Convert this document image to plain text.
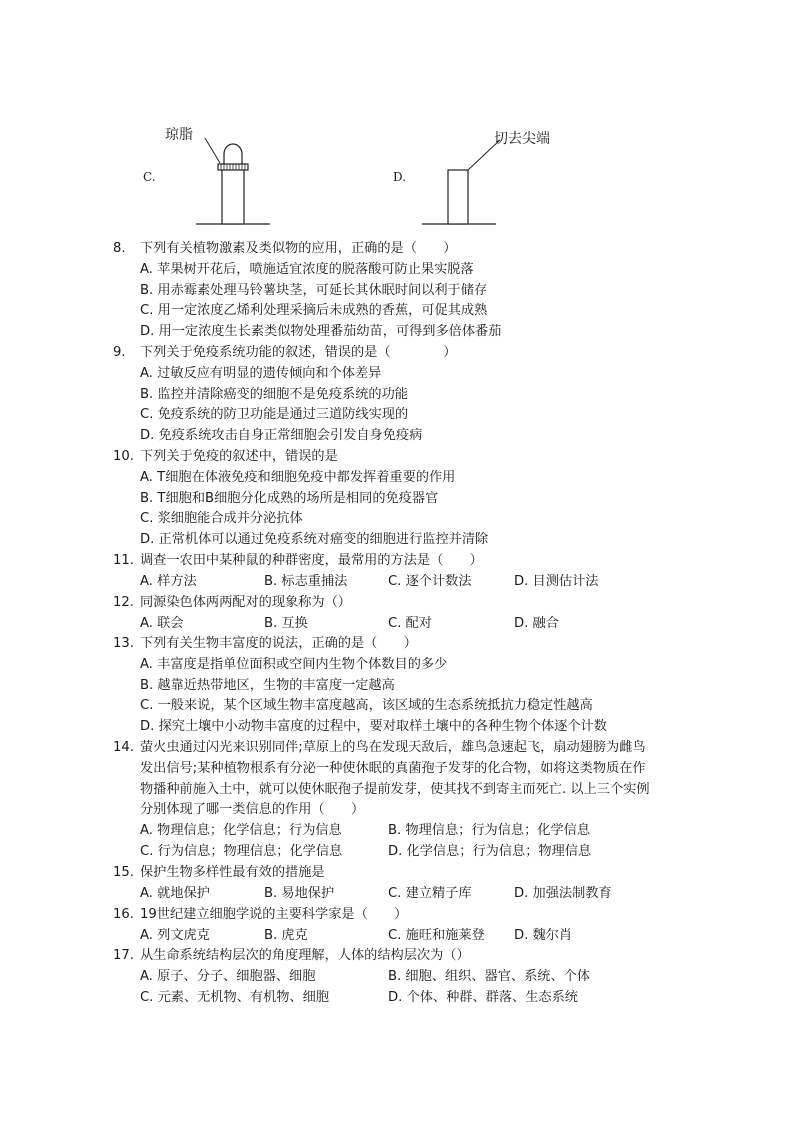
琼脂
C.
切去尖端
D.
8.	下列有关植物激素及类似物的应用，正确的是（　　）
A. 苹果树开花后，喷施适宜浓度的脱落酸可防止果实脱落
B. 用赤霉素处理马铃薯块茎，可延长其休眠时间以利于储存
C. 用一定浓度乙烯利处理采摘后未成熟的香蕉，可促其成熟
D. 用一定浓度生长素类似物处理番茄幼苗，可得到多倍体番茄
9.	下列关于免疫系统功能的叙述，错误的是（　　　　）
A. 过敏反应有明显的遗传倾向和个体差异
B. 监控并清除癌变的细胞不是免疫系统的功能
C. 免疫系统的防卫功能是通过三道防线实现的
D. 免疫系统攻击自身正常细胞会引发自身免疫病
10. 下列关于免疫的叙述中，错误的是
A. T细胞在体液免疫和细胞免疫中都发挥着重要的作用
B. T细胞和B细胞分化成熟的场所是相同的免疫器官
C. 浆细胞能合成并分泌抗体
D. 正常机体可以通过免疫系统对癌变的细胞进行监控并清除
11. 调查一农田中某种鼠的种群密度，最常用的方法是（　　）
A. 样方法	B. 标志重捕法	C. 逐个计数法	D. 目测估计法
12. 同源染色体两两配对的现象称为（）
A. 联会	B. 互换	C. 配对	D. 融合
13. 下列有关生物丰富度的说法，正确的是（　　）
A. 丰富度是指单位面积或空间内生物个体数目的多少
B. 越靠近热带地区，生物的丰富度一定越高
C. 一般来说，某个区域生物丰富度越高，该区域的生态系统抵抗力稳定性越高
D. 探究土壤中小动物丰富度的过程中，要对取样土壤中的各种生物个体逐个计数
14. 萤火虫通过闪光来识别同伴;草原上的鸟在发现天敌后，雄鸟急速起飞，扇动翅膀为雌鸟
发出信号;某种植物根系有分泌一种使休眠的真菌孢子发芽的化合物，如将这类物质在作
物播种前施入土中，就可以使休眠孢子提前发芽，使其找不到寄主而死亡. 以上三个实例
分别体现了哪一类信息的作用（　　）
A. 物理信息；化学信息；行为信息	B. 物理信息；行为信息；化学信息
C. 行为信息；物理信息；化学信息	D. 化学信息；行为信息；物理信息
15. 保护生物多样性最有效的措施是
A. 就地保护	B. 易地保护	C. 建立精子库	D. 加强法制教育
16. 19世纪建立细胞学说的主要科学家是（　　）
A. 列文虎克	B. 虎克	C. 施旺和施莱登 D. 魏尔肖
17. 从生命系统结构层次的角度理解，人体的结构层次为（）
A. 原子、分子、细胞器、细胞	B. 细胞、组织、器官、系统、个体
C. 元素、无机物、有机物、细胞	D. 个体、种群、群落、生态系统
